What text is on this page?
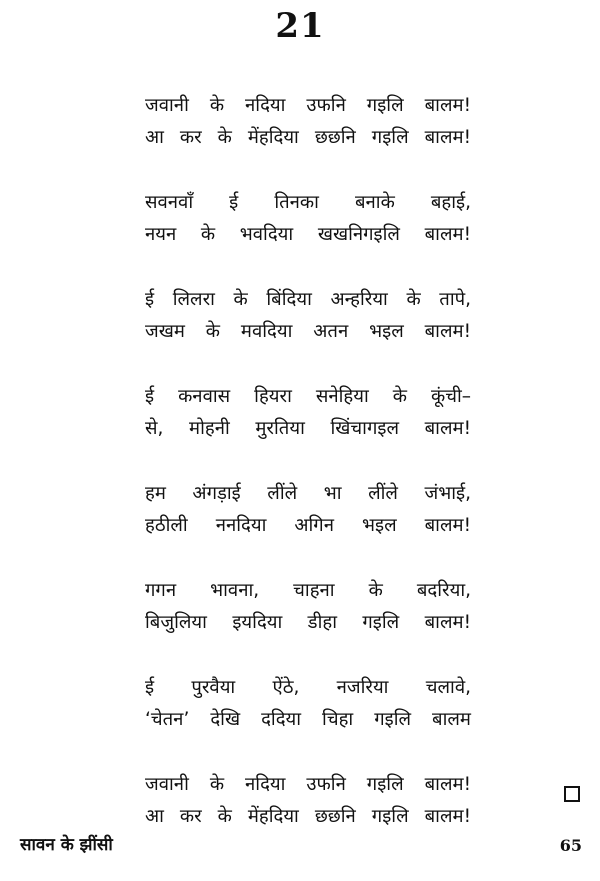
21
जवानी के नदिया उफनि गइलि बालम!
आ कर के मेंहदिया छछनि गइलि बालम!
सवनवाँ ई तिनका बनाके बहाई,
नयन के भवदिया खखनिगइलि बालम!
ई लिलरा के बिंदिया अन्हरिया के तापे,
जखम के मवदिया अतन भइल बालम!
ई कनवास हियरा सनेहिया के कूंची–
से, मोहनी मुरतिया खिंचागइल बालम!
हम अंगड़ाई लींले भा लींले जंभाई,
हठीली ननदिया अगिन भइल बालम!
गगन भावना, चाहना के बदरिया,
बिजुलिया इयदिया डीहा गइलि बालम!
ई पुरवैया ऐंठे, नजरिया चलावे,
‘चेतन’ देखि ददिया चिहा गइलि बालम
जवानी के नदिया उफनि गइलि बालम!
आ कर के मेंहदिया छछनि गइलि बालम!
सावन के झींसी	65
